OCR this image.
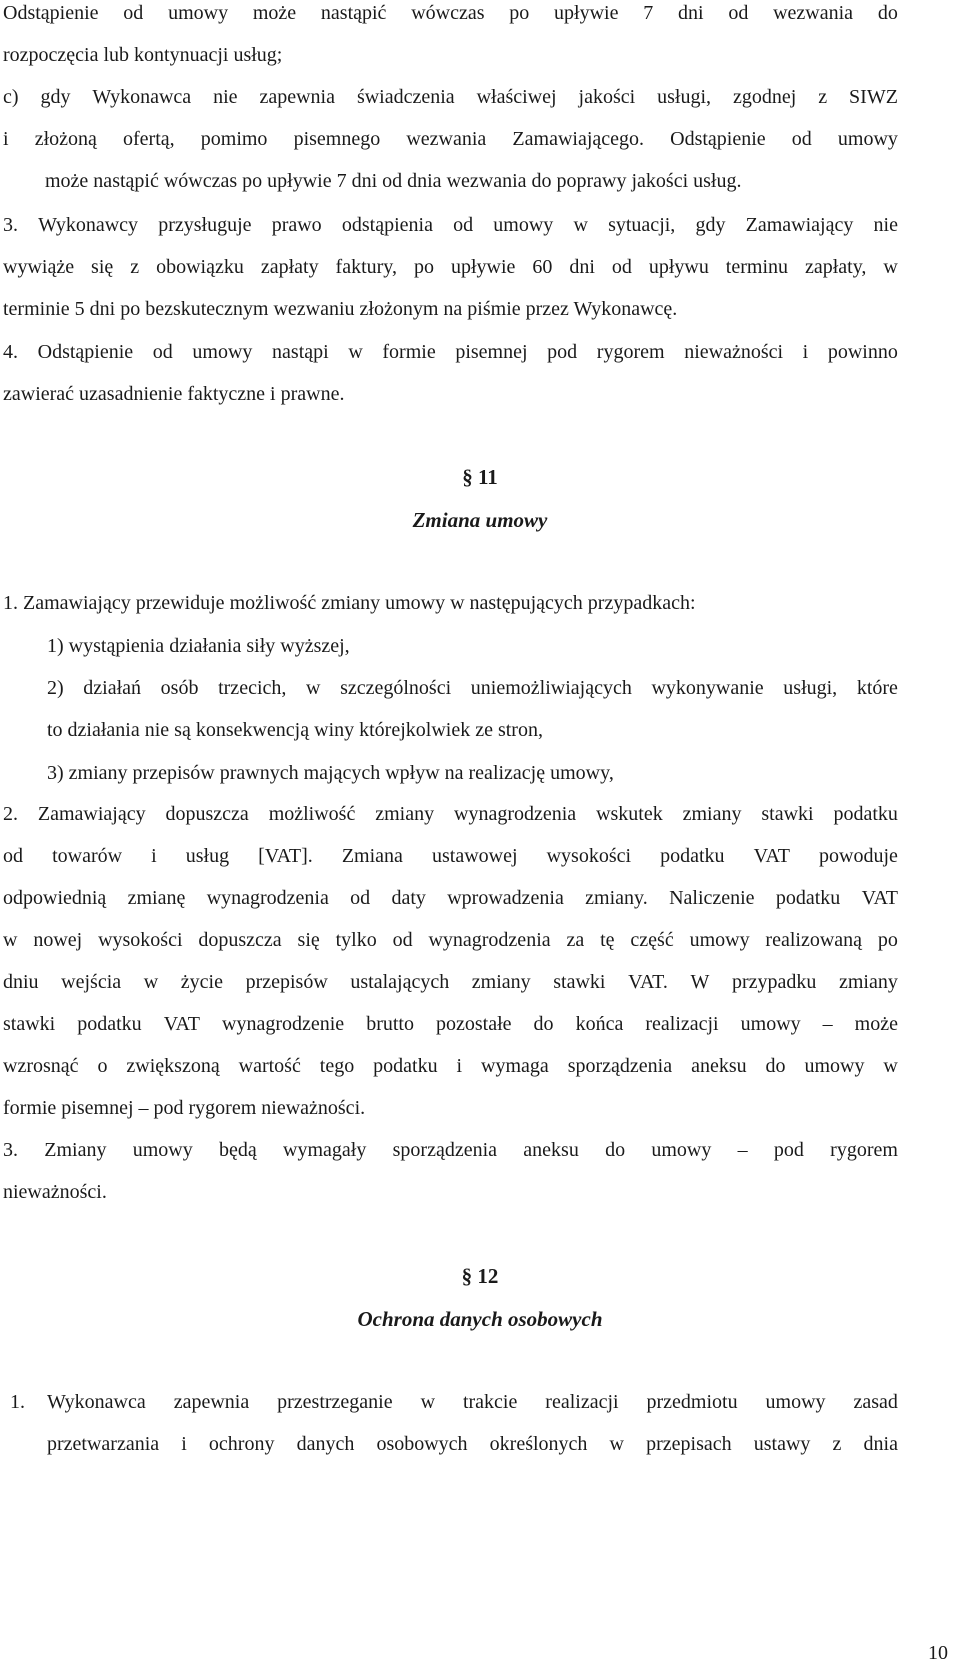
Odstąpienie od umowy może nastąpić wówczas po upływie 7 dni od wezwania do
rozpoczęcia lub kontynuacji usług;
c) gdy Wykonawca nie zapewnia świadczenia właściwej jakości usługi, zgodnej z SIWZ
i złożoną ofertą, pomimo pisemnego wezwania Zamawiającego. Odstąpienie od umowy
może nastąpić wówczas po upływie 7 dni od dnia wezwania do poprawy jakości usług.
3. Wykonawcy przysługuje prawo odstąpienia od umowy w sytuacji, gdy Zamawiający nie
wywiąże się z obowiązku zapłaty faktury, po upływie 60 dni od upływu terminu zapłaty, w
terminie 5 dni po bezskutecznym wezwaniu złożonym na piśmie przez Wykonawcę.
4. Odstąpienie od umowy nastąpi w formie pisemnej pod rygorem nieważności i powinno
zawierać uzasadnienie faktyczne i prawne.
§ 11
Zmiana umowy
1. Zamawiający przewiduje możliwość zmiany umowy w następujących przypadkach:
1) wystąpienia działania siły wyższej,
2) działań osób trzecich, w szczególności uniemożliwiających wykonywanie usługi, które
to działania nie są konsekwencją winy którejkolwiek ze stron,
3) zmiany przepisów prawnych mających wpływ na realizację umowy,
2. Zamawiający dopuszcza możliwość zmiany wynagrodzenia wskutek zmiany stawki podatku
od towarów i usług [VAT]. Zmiana ustawowej wysokości podatku VAT powoduje
odpowiednią zmianę wynagrodzenia od daty wprowadzenia zmiany. Naliczenie podatku VAT
w nowej wysokości dopuszcza się tylko od wynagrodzenia za tę część umowy realizowaną po
dniu wejścia w życie przepisów ustalających zmiany stawki VAT. W przypadku zmiany
stawki podatku VAT wynagrodzenie brutto pozostałe do końca realizacji umowy – może
wzrosnąć o zwiększoną wartość tego podatku i wymaga sporządzenia aneksu do umowy w
formie pisemnej – pod rygorem nieważności.
3. Zmiany umowy będą wymagały sporządzenia aneksu do umowy – pod rygorem
nieważności.
§ 12
Ochrona danych osobowych
1. Wykonawca zapewnia przestrzeganie w trakcie realizacji przedmiotu umowy zasad
przetwarzania i ochrony danych osobowych określonych w przepisach ustawy z dnia
10
